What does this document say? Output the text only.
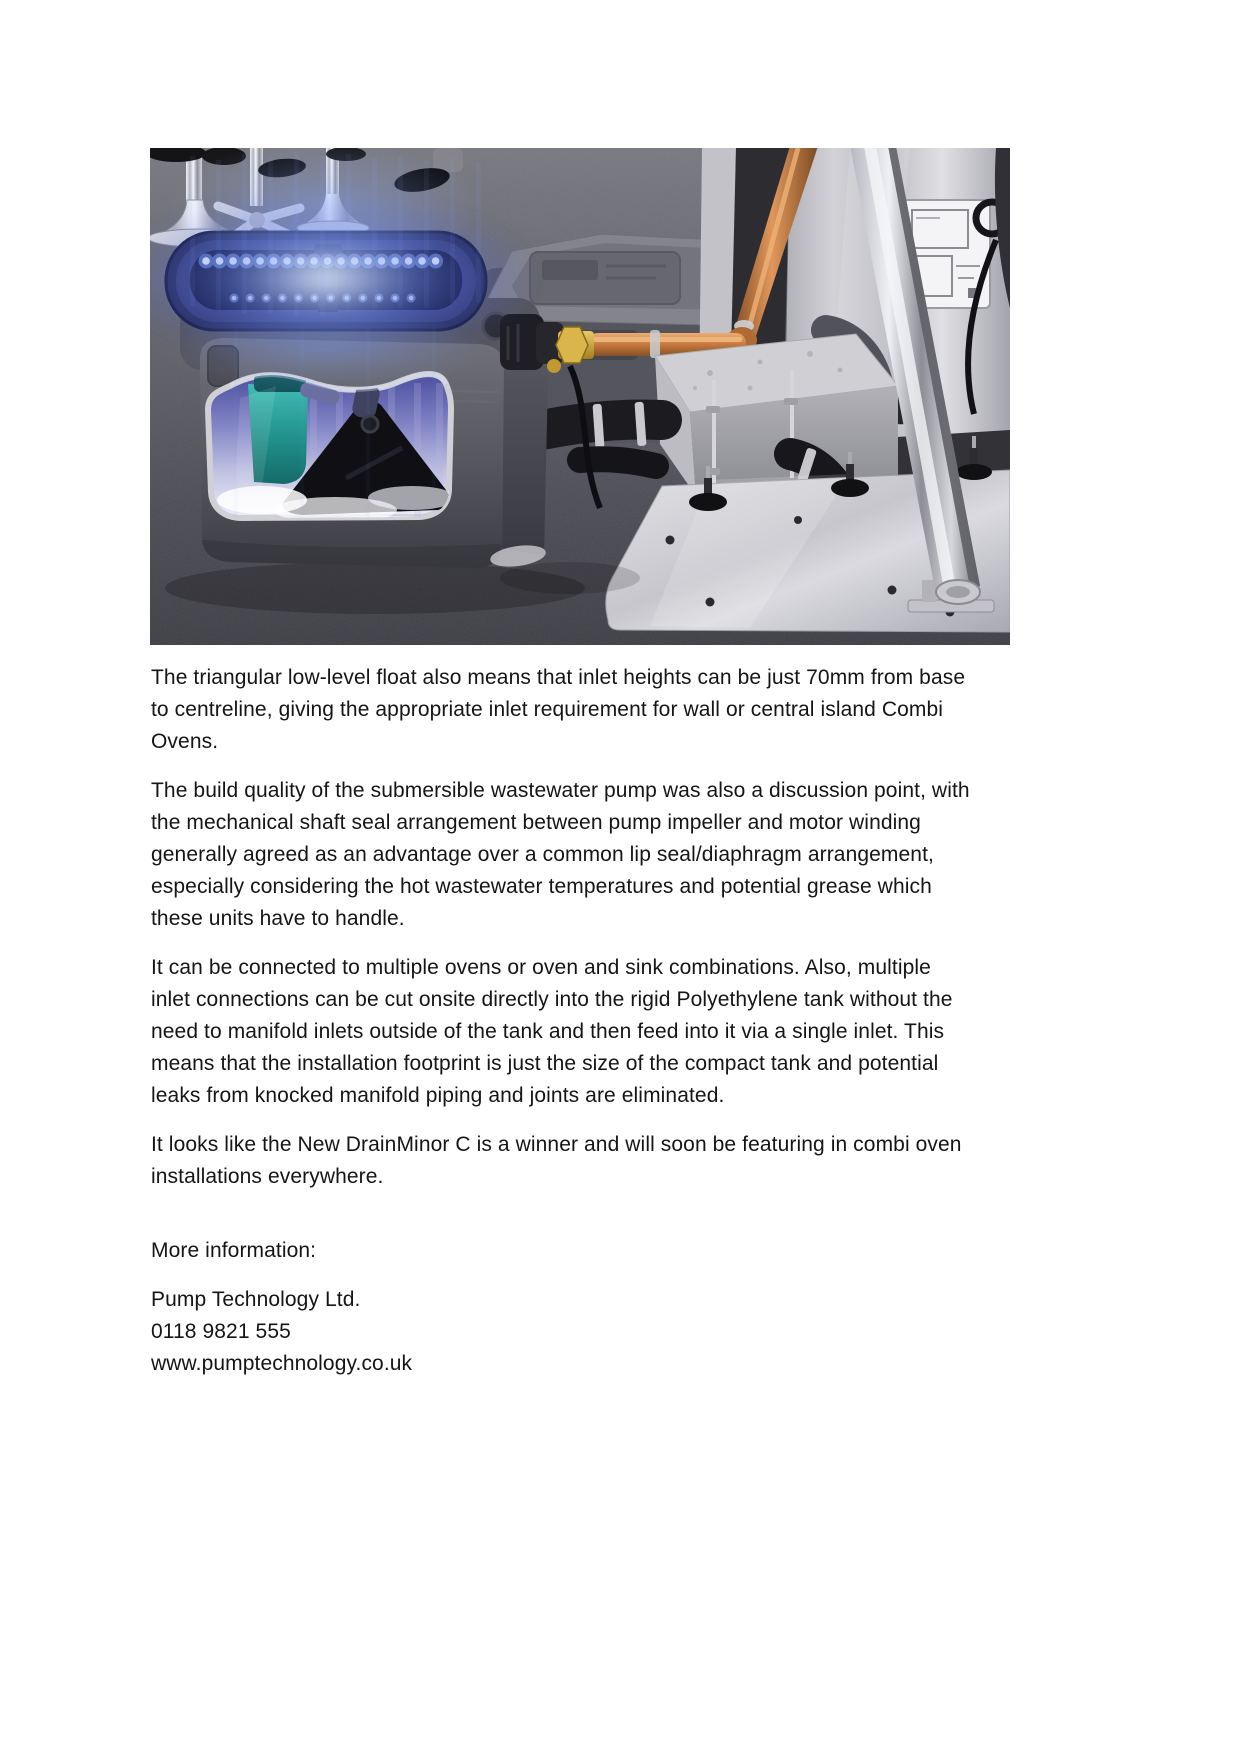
The triangular low-level float also means that inlet heights can be just 70mm from base to centreline, giving the appropriate inlet requirement for wall or central island Combi Ovens.

The build quality of the submersible wastewater pump was also a discussion point, with the mechanical shaft seal arrangement between pump impeller and motor winding generally agreed as an advantage over a common lip seal/diaphragm arrangement, especially considering the hot wastewater temperatures and potential grease which these units have to handle.

It can be connected to multiple ovens or oven and sink combinations. Also, multiple inlet connections can be cut onsite directly into the rigid Polyethylene tank without the need to manifold inlets outside of the tank and then feed into it via a single inlet. This means that the installation footprint is just the size of the compact tank and potential leaks from knocked manifold piping and joints are eliminated.

It looks like the New DrainMinor C is a winner and will soon be featuring in combi oven installations everywhere.

More information:

Pump Technology Ltd.
0118 9821 555
www.pumptechnology.co.uk
